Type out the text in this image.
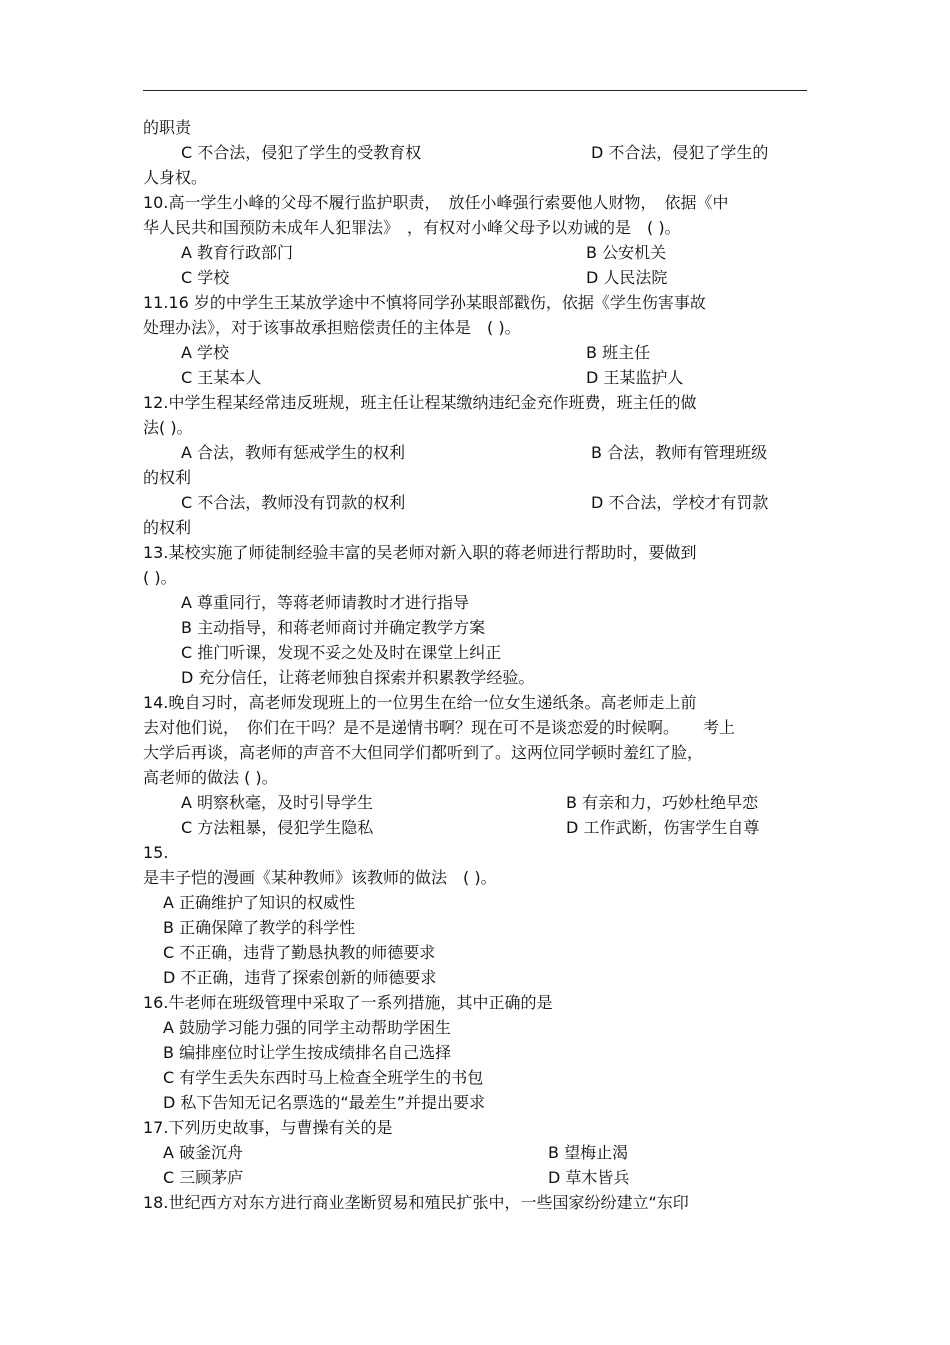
的职责
C 不合法，侵犯了学生的受教育权	D 不合法，侵犯了学生的
人身权。
10.高一学生小峰的父母不履行监护职责，　放任小峰强行索要他人财物，　依据《中
华人民共和国预防未成年人犯罪法》　，有权对小峰父母予以劝诫的是　( )。
A 教育行政部门	B 公安机关
C 学校	D 人民法院
11.16 岁的中学生王某放学途中不慎将同学孙某眼部戳伤，依据《学生伤害事故
处理办法》，对于该事故承担赔偿责任的主体是　( )。
A 学校	B 班主任
C 王某本人	D 王某监护人
12.中学生程某经常违反班规，班主任让程某缴纳违纪金充作班费，班主任的做
法( )。
A 合法，教师有惩戒学生的权利	B 合法，教师有管理班级
的权利
C 不合法，教师没有罚款的权利	D 不合法，学校才有罚款
的权利
13.某校实施了师徒制经验丰富的吴老师对新入职的蒋老师进行帮助时，要做到
( )。
A 尊重同行，等蒋老师请教时才进行指导
B 主动指导，和蒋老师商讨并确定教学方案
C 推门听课，发现不妥之处及时在课堂上纠正
D 充分信任，让蒋老师独自探索并积累教学经验。
14.晚自习时，高老师发现班上的一位男生在给一位女生递纸条。高老师走上前
去对他们说，　你们在干吗？是不是递情书啊？现在可不是谈恋爱的时候啊。　　考上
大学后再谈，高老师的声音不大但同学们都听到了。这两位同学顿时羞红了脸，
高老师的做法 ( )。
A 明察秋毫，及时引导学生	B 有亲和力，巧妙杜绝早恋
C 方法粗暴，侵犯学生隐私	D 工作武断，伤害学生自尊
15.
是丰子恺的漫画《某种教师》该教师的做法　( )。
A 正确维护了知识的权威性
B 正确保障了教学的科学性
C 不正确，违背了勤恳执教的师德要求
D 不正确，违背了探索创新的师德要求
16.牛老师在班级管理中采取了一系列措施，其中正确的是
A 鼓励学习能力强的同学主动帮助学困生
B 编排座位时让学生按成绩排名自己选择
C 有学生丢失东西时马上检查全班学生的书包
D 私下告知无记名票选的“最差生”并提出要求
17.下列历史故事，与曹操有关的是
A 破釜沉舟	B 望梅止渴
C 三顾茅庐	D 草木皆兵
18.世纪西方对东方进行商业垄断贸易和殖民扩张中，一些国家纷纷建立“东印
